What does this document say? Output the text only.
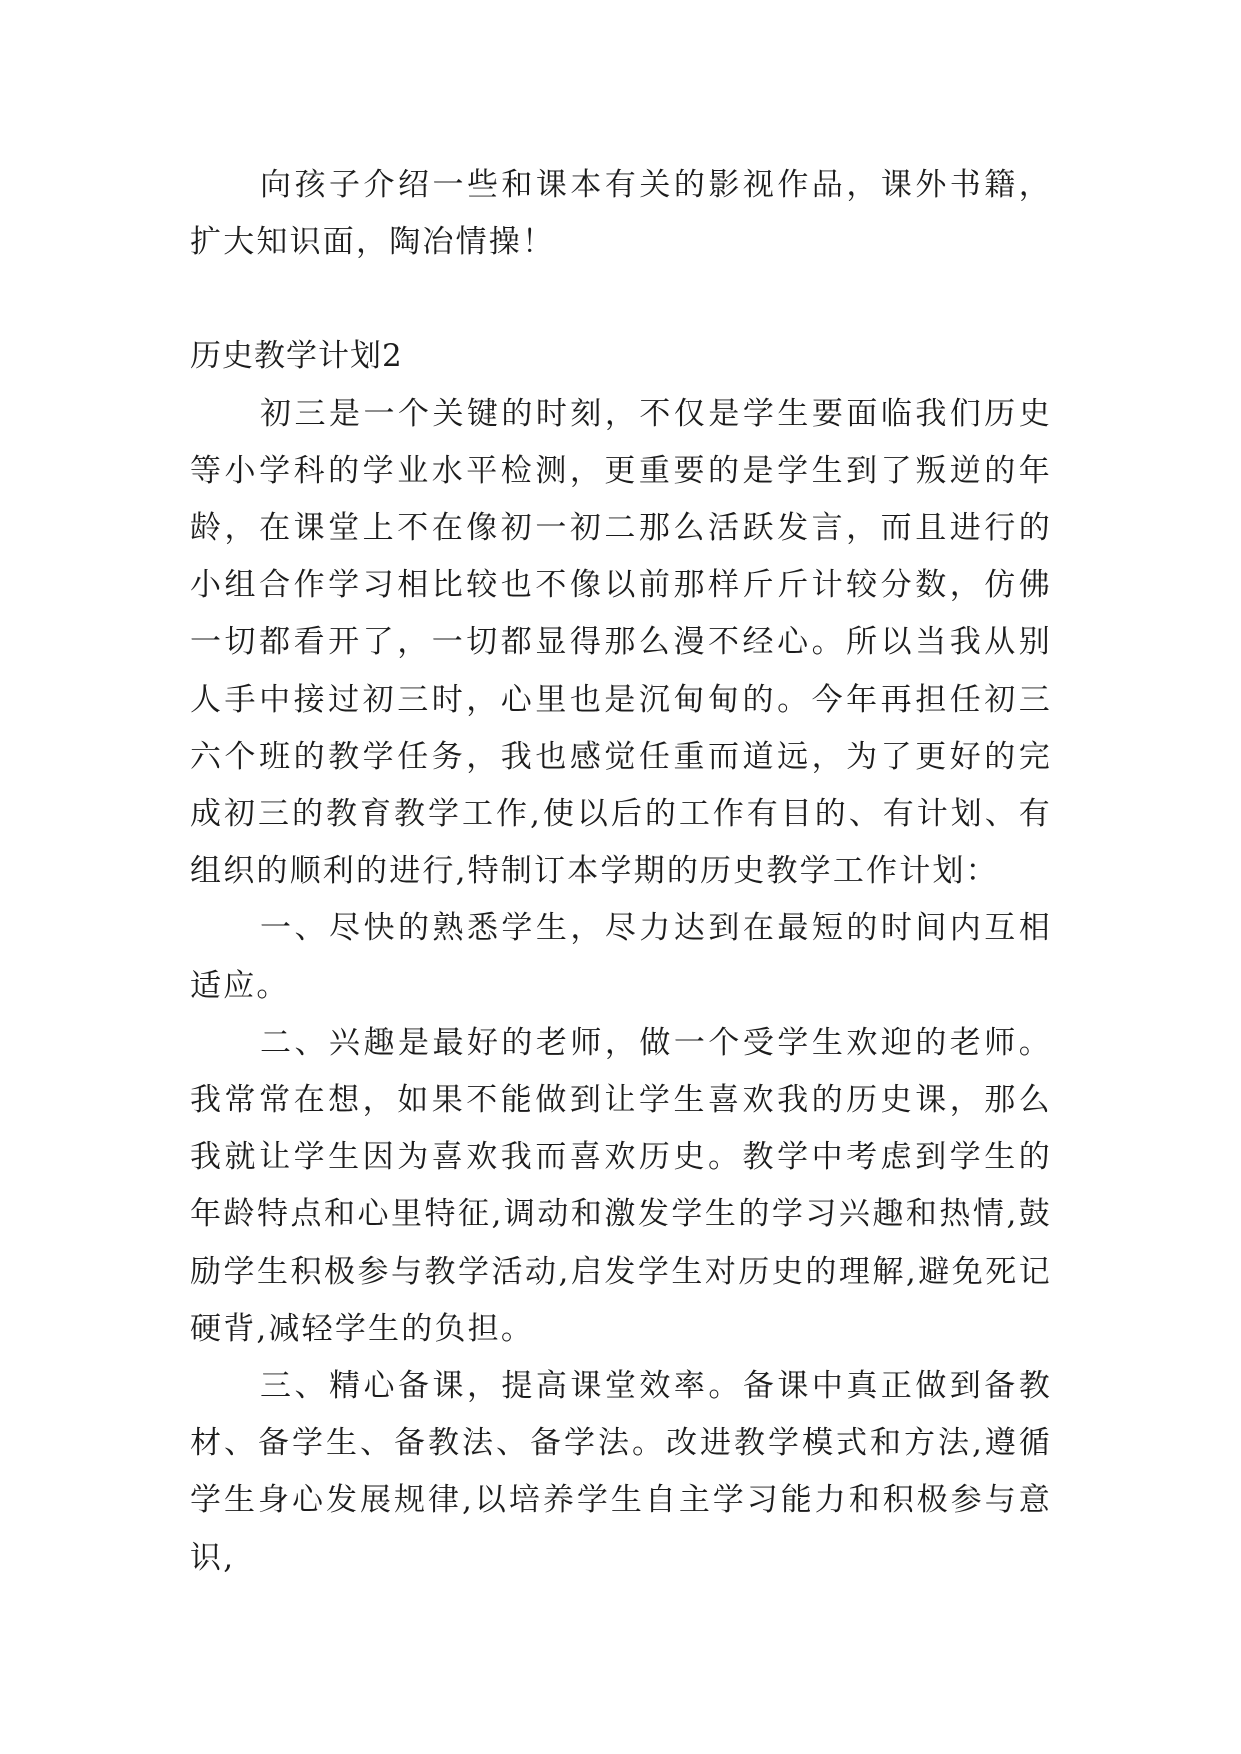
向孩子介绍一些和课本有关的影视作品，课外书籍，扩大知识面，陶冶情操！

历史教学计划2

初三是一个关键的时刻，不仅是学生要面临我们历史等小学科的学业水平检测，更重要的是学生到了叛逆的年龄，在课堂上不在像初一初二那么活跃发言，而且进行的小组合作学习相比较也不像以前那样斤斤计较分数，仿佛一切都看开了，一切都显得那么漫不经心。所以当我从别人手中接过初三时，心里也是沉甸甸的。今年再担任初三六个班的教学任务，我也感觉任重而道远，为了更好的完成初三的教育教学工作,使以后的工作有目的、有计划、有组织的顺利的进行,特制订本学期的历史教学工作计划：

一、尽快的熟悉学生，尽力达到在最短的时间内互相适应。

二、兴趣是最好的老师，做一个受学生欢迎的老师。我常常在想，如果不能做到让学生喜欢我的历史课，那么我就让学生因为喜欢我而喜欢历史。教学中考虑到学生的年龄特点和心里特征,调动和激发学生的学习兴趣和热情,鼓励学生积极参与教学活动,启发学生对历史的理解,避免死记硬背,减轻学生的负担。

三、精心备课，提高课堂效率。备课中真正做到备教材、备学生、备教法、备学法。改进教学模式和方法,遵循学生身心发展规律,以培养学生自主学习能力和积极参与意识,
